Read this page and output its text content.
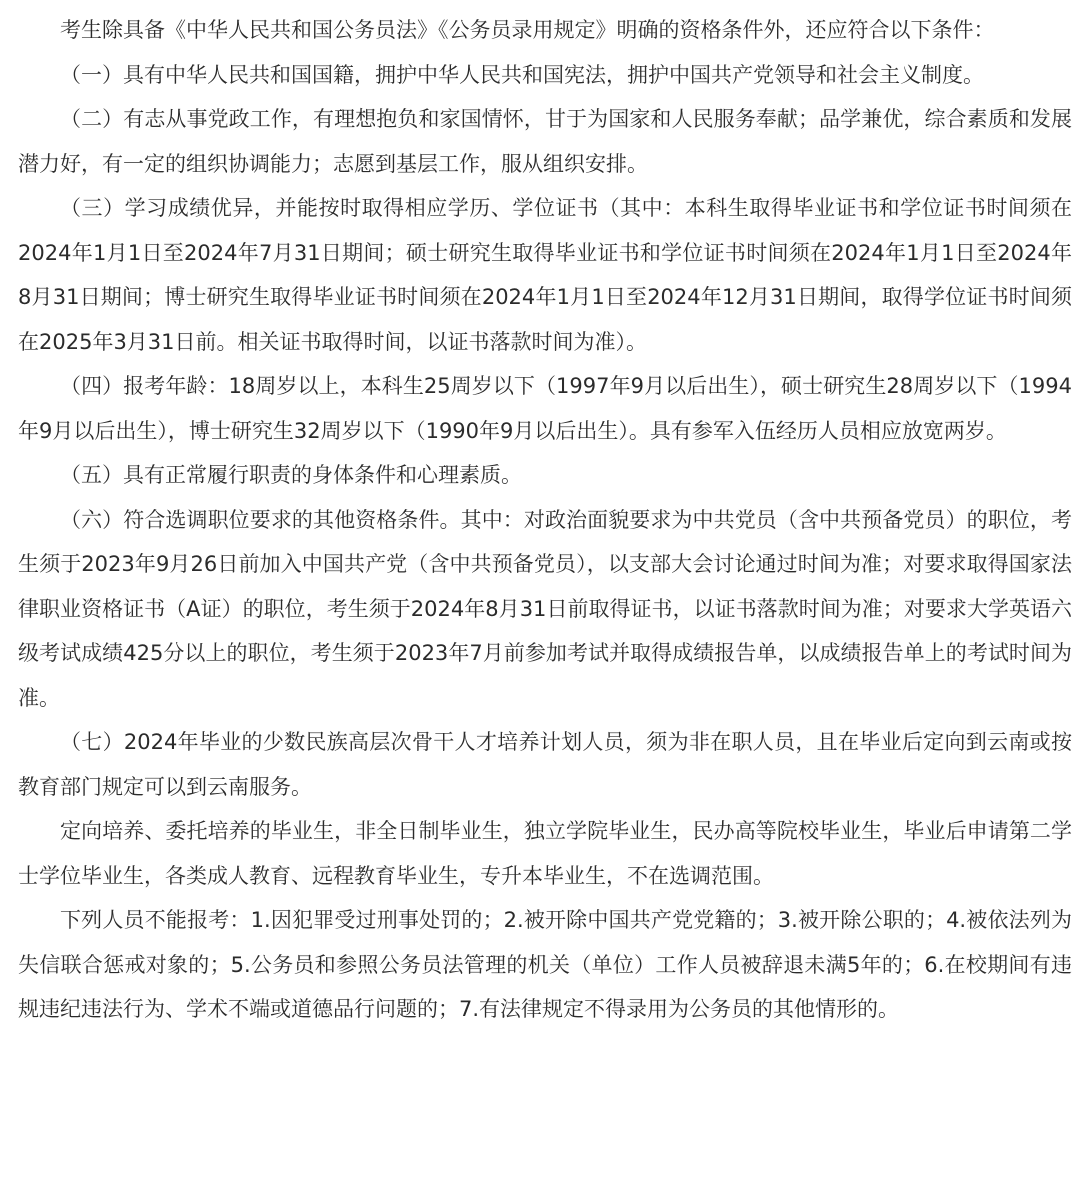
考生除具备《中华人民共和国公务员法》《公务员录用规定》明确的资格条件外，还应符合以下条件：

（一）具有中华人民共和国国籍，拥护中华人民共和国宪法，拥护中国共产党领导和社会主义制度。

（二）有志从事党政工作，有理想抱负和家国情怀，甘于为国家和人民服务奉献；品学兼优，综合素质和发展潜力好，有一定的组织协调能力；志愿到基层工作，服从组织安排。

（三）学习成绩优异，并能按时取得相应学历、学位证书（其中：本科生取得毕业证书和学位证书时间须在2024年1月1日至2024年7月31日期间；硕士研究生取得毕业证书和学位证书时间须在2024年1月1日至2024年8月31日期间；博士研究生取得毕业证书时间须在2024年1月1日至2024年12月31日期间，取得学位证书时间须在2025年3月31日前。相关证书取得时间，以证书落款时间为准）。

（四）报考年龄：18周岁以上，本科生25周岁以下（1997年9月以后出生），硕士研究生28周岁以下（1994年9月以后出生），博士研究生32周岁以下（1990年9月以后出生）。具有参军入伍经历人员相应放宽两岁。

（五）具有正常履行职责的身体条件和心理素质。

（六）符合选调职位要求的其他资格条件。其中：对政治面貌要求为中共党员（含中共预备党员）的职位，考生须于2023年9月26日前加入中国共产党（含中共预备党员），以支部大会讨论通过时间为准；对要求取得国家法律职业资格证书（A证）的职位，考生须于2024年8月31日前取得证书，以证书落款时间为准；对要求大学英语六级考试成绩425分以上的职位，考生须于2023年7月前参加考试并取得成绩报告单，以成绩报告单上的考试时间为准。

（七）2024年毕业的少数民族高层次骨干人才培养计划人员，须为非在职人员，且在毕业后定向到云南或按教育部门规定可以到云南服务。

定向培养、委托培养的毕业生，非全日制毕业生，独立学院毕业生，民办高等院校毕业生，毕业后申请第二学士学位毕业生，各类成人教育、远程教育毕业生，专升本毕业生，不在选调范围。

下列人员不能报考：1.因犯罪受过刑事处罚的；2.被开除中国共产党党籍的；3.被开除公职的；4.被依法列为失信联合惩戒对象的；5.公务员和参照公务员法管理的机关（单位）工作人员被辞退未满5年的；6.在校期间有违规违纪违法行为、学术不端或道德品行问题的；7.有法律规定不得录用为公务员的其他情形的。
